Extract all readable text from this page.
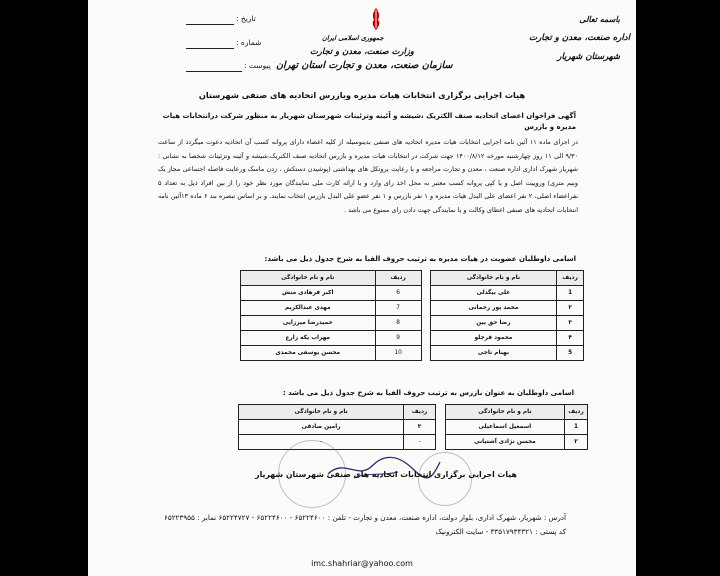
باسمه تعالی
اداره صنعت، معدن و تجارت
شهرستان شهریار
جمهوری اسلامی ایران
وزارت صنعت، معدن و تجارت
سازمان صنعت، معدن و تجارت استان تهران
تاریخ :
شماره :
پیوست :
هیات اجرایی برگزاری انتخابات هیات مدیره وبازرس اتحادیه های صنفی شهرستان
آگهی فراخوان اعضای اتحادیه صنف الکتریک ،شیشه و آئینه وتزئینات شهرستان شهریار به منظور شرکت درانتخابات هیات مدیره و بازرس
در اجرای ماده ۱۱ آئین نامه اجرایی انتخابات هیات مدیره اتحادیه های صنفی بدینوسیله از کلیه اعضاء دارای پروانه کسب آن اتحادیه دعوت میگردد از ساعت ۹/۳۰ الی ۱۱ روز چهارشنبه مورخه ۱۴۰۰/۸/۱۲ جهت شرکت در انتخابات هیات مدیره و بازرس اتحادیه صنف الکتریک،شیشه و آئینه وتزئینات شخصا به نشانی : شهریار شهرک اداری اداره صنعت ، معدن و تجارت مراجعه و با رعایت پروتکل های بهداشتی (پوشیدن دستکش ، زدن ماسک ورعایت فاصله اجتماعی مجاز یک ونیم متری) وروییت اصل و یا کپی پروانه کسب معتبر به محل اخذ رای وارد و با ارائه کارت ملی نمایندگان مورد نظر خود را از بین افراد ذیل به تعداد ۵ نفراعضاء اصلی، ۲ نفر اعضای علی البدل هیات مدیره و ۱ نفر بازرس و ۱ نفر عضو علی البدل بازرس انتخاب نمایند. و بر اساس تبصره بند ۶ ماده ۱۳آئین نامه انتخابات اتحادیه های صنفی اعطای وکالت و یا نمایندگی جهت دادن رای ممنوع می باشد .
اسامی داوطلبان عضویت در هیات مدیره به ترتیب حروف الفبا به شرح جدول ذیل می باشد:
ردیف	نام و نام خانوادگی		ردیف	نام و نام خانوادگی
1	علی بیگدلی		6	اکبر فرهادی منش
۲	محمد پور رحمانی		7	مهدی عبدالکریم
۳	رضا حق بین		8	حمیدرضا میرزایی
۴	محمود فرجلو		9	مهراب یکه زارع
5	بهنام ناجی		10	محسن یوسفی محمدی
اسامی داوطلبان به عنوان بازرس به ترتیب حروف الفبا به شرح جدول ذیل می باشد :
ردیف	نام و نام خانوادگی		ردیف	نام و نام خانوادگی
1	اسمعیل اسماعیلی		۳	رامین صادقی
۲	محسن نژادی آشتیانی		-	-
هیات اجرایی برگزاری انتخابات اتحادیه های صنفی شهرستان شهریار
آدرس : شهریار، شهرک اداری، بلوار دولت، اداره صنعت، معدن و تجارت - تلفن : ۶۵۲۲۴۶۰۰ - ۶۵۲۲۴۶۰۰ - ۶۵۲۲۴۷۲۷ نمابر : ۶۵۲۲۳۹۵۵
کد پستی : ۳۳۵۱۷۹۳۴۳۲۱ - سایت الکترونیک
imc.shahriar@yahoo.com
